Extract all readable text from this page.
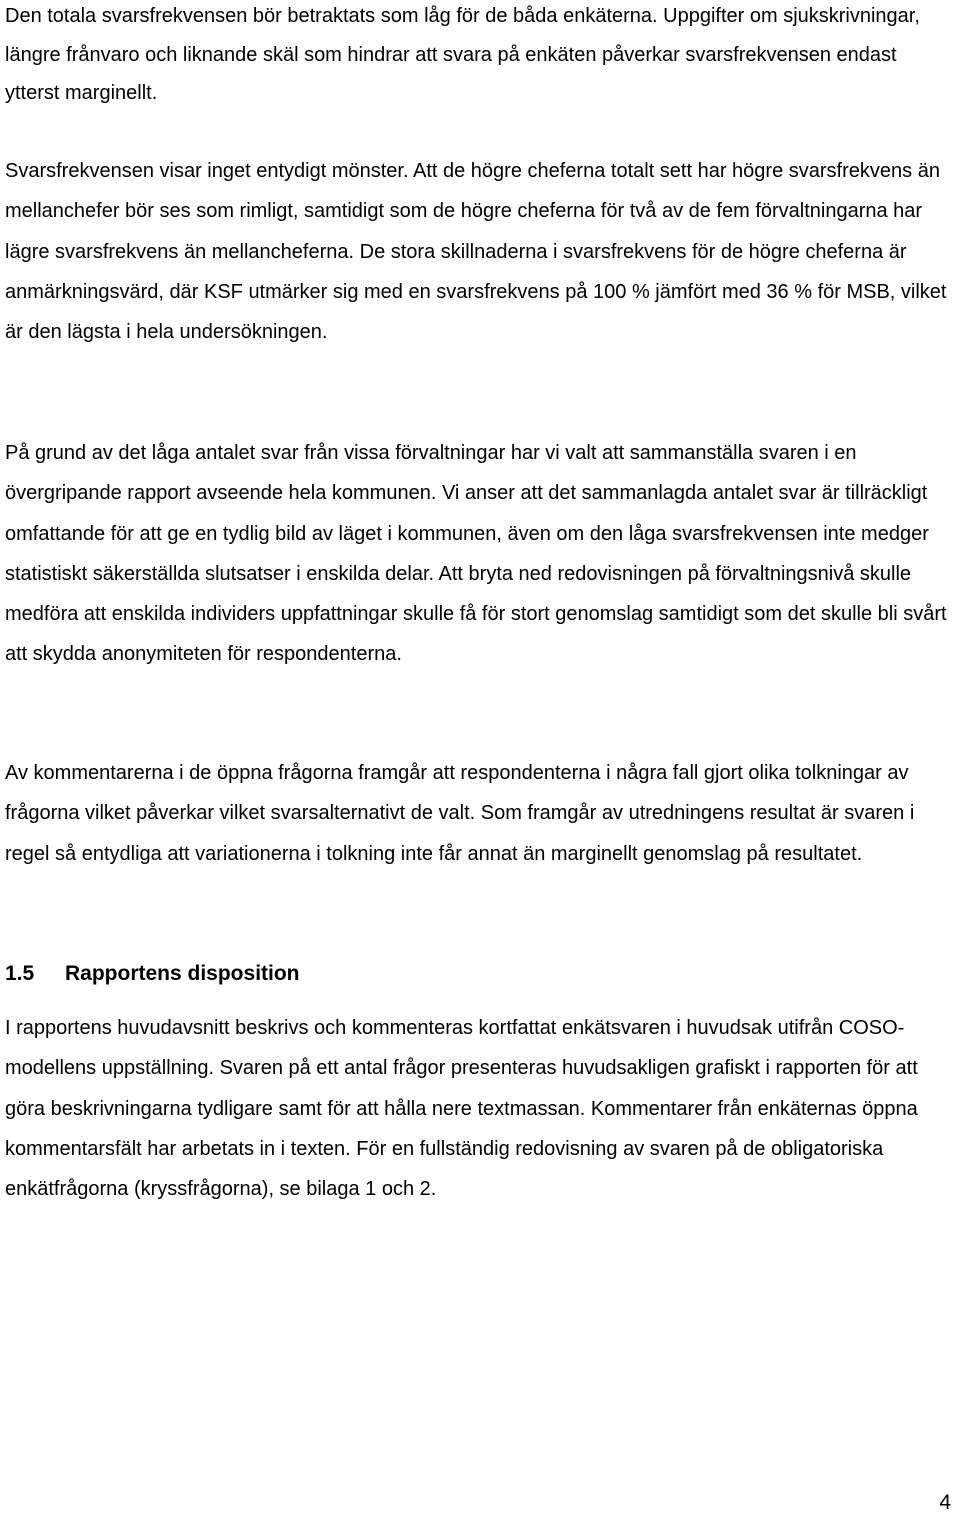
Den totala svarsfrekvensen bör betraktats som låg för de båda enkäterna. Uppgifter om sjukskrivningar, längre frånvaro och liknande skäl som hindrar att svara på enkäten påverkar svarsfrekvensen endast ytterst marginellt.

Svarsfrekvensen visar inget entydigt mönster. Att de högre cheferna totalt sett har högre svarsfrekvens än mellanchefer bör ses som rimligt, samtidigt som de högre cheferna för två av de fem förvaltningarna har lägre svarsfrekvens än mellancheferna. De stora skillnaderna i svarsfrekvens för de högre cheferna är anmärkningsvärd, där KSF utmärker sig med en svarsfrekvens på 100 % jämfört med 36 % för MSB, vilket är den lägsta i hela undersökningen.

På grund av det låga antalet svar från vissa förvaltningar har vi valt att sammanställa svaren i en övergripande rapport avseende hela kommunen. Vi anser att det sammanlagda antalet svar är tillräckligt omfattande för att ge en tydlig bild av läget i kommunen, även om den låga svarsfrekvensen inte medger statistiskt säkerställda slutsatser i enskilda delar. Att bryta ned redovisningen på förvaltningsnivå skulle medföra att enskilda individers uppfattningar skulle få för stort genomslag samtidigt som det skulle bli svårt att skydda anonymiteten för respondenterna.

Av kommentarerna i de öppna frågorna framgår att respondenterna i några fall gjort olika tolkningar av frågorna vilket påverkar vilket svarsalternativt de valt. Som framgår av utredningens resultat är svaren i regel så entydliga att variationerna i tolkning inte får annat än marginellt genomslag på resultatet.

1.5 Rapportens disposition

I rapportens huvudavsnitt beskrivs och kommenteras kortfattat enkätsvaren i huvudsak utifrån COSO-modellens uppställning. Svaren på ett antal frågor presenteras huvudsakligen grafiskt i rapporten för att göra beskrivningarna tydligare samt för att hålla nere textmassan. Kommentarer från enkäternas öppna kommentarsfält har arbetats in i texten. För en fullständig redovisning av svaren på de obligatoriska enkätfrågorna (kryssfrågorna), se bilaga 1 och 2.

4
